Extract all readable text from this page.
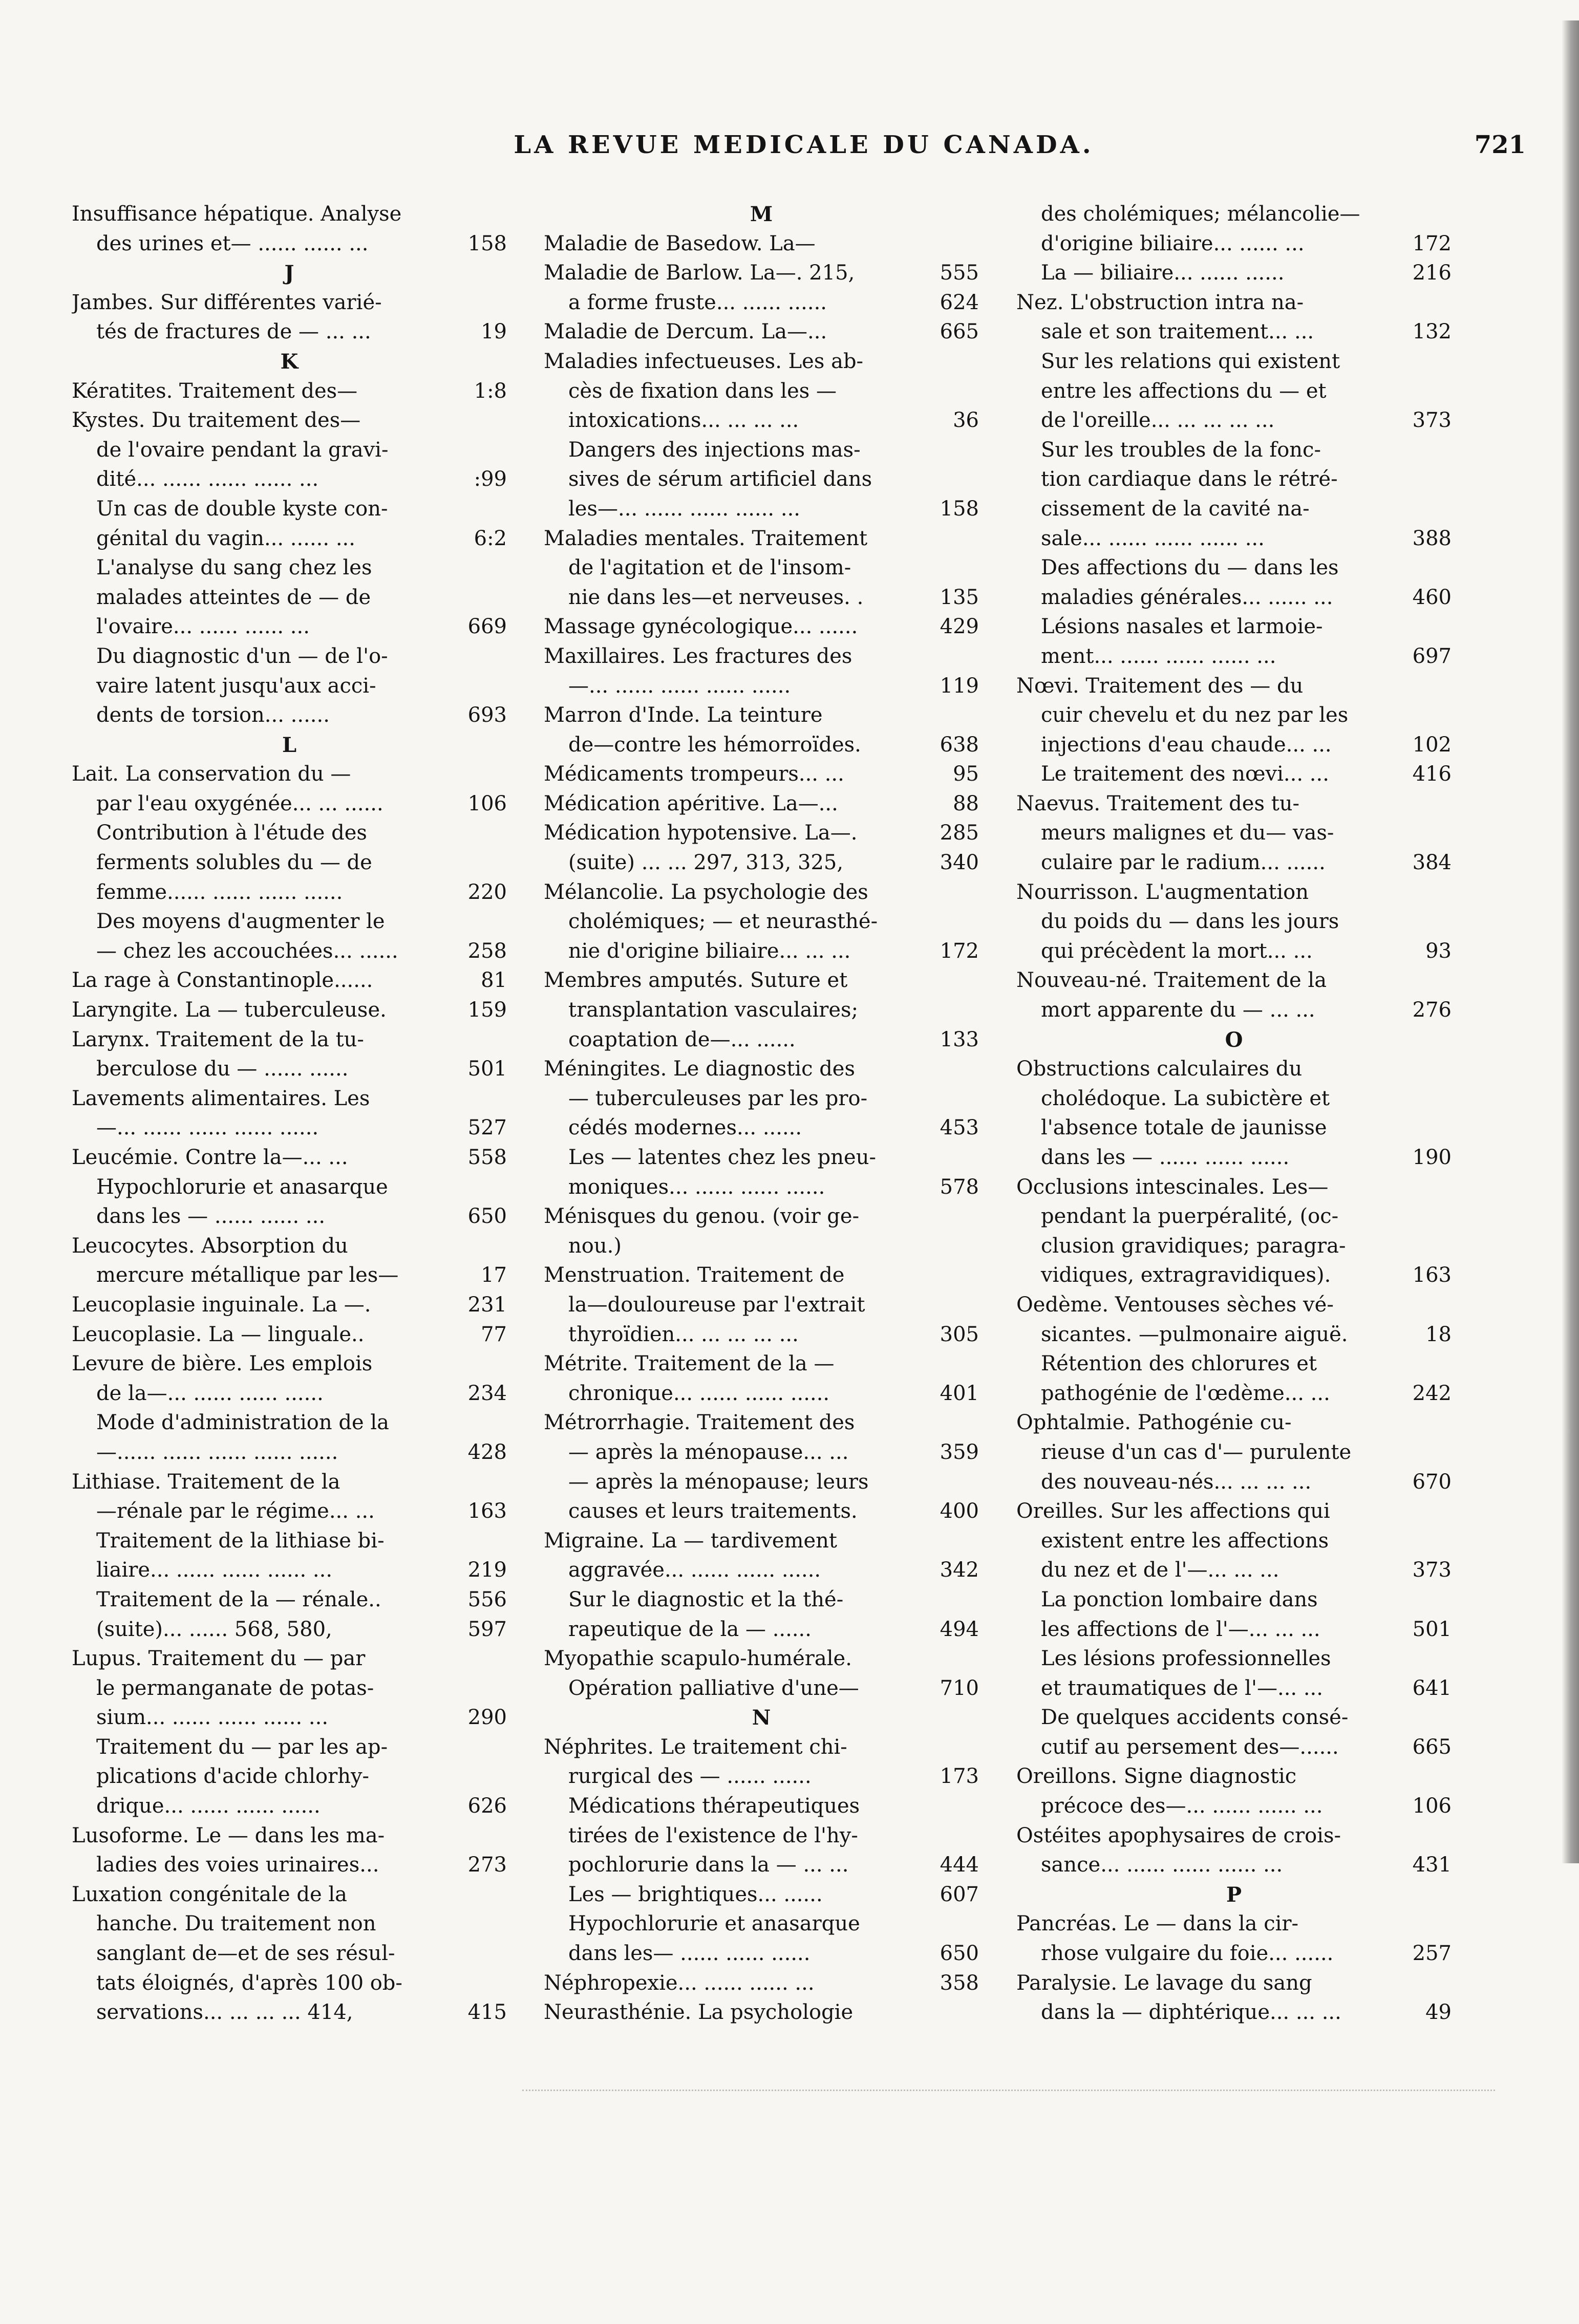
LA REVUE MEDICALE DU CANADA.	721
Insuffisance hépatique. Analyse
des urines et— ...... ...... ... 158
J
Jambes. Sur différentes varié-
tés de fractures de — ... ... 19
K
Kératites. Traitement des— 1:8
Kystes. Du traitement des—
de l'ovaire pendant la gravi-
dité... ...... ...... ...... ... :99
Un cas de double kyste con-
génital du vagin... ...... ... 6:2
L'analyse du sang chez les
malades atteintes de — de
l'ovaire... ...... ...... ... 669
Du diagnostic d'un — de l'o-
vaire latent jusqu'aux acci-
dents de torsion... ...... 693
L
Lait. La conservation du —
par l'eau oxygénée... ... ...... 106
Contribution à l'étude des
ferments solubles du — de
femme...... ...... ...... ...... 220
Des moyens d'augmenter le
— chez les accouchées... ...... 258
La rage à Constantinople...... 81
Laryngite. La — tuberculeuse. 159
Larynx. Traitement de la tu-
berculose du — ...... ...... 501
Lavements alimentaires. Les
—... ...... ...... ...... ...... 527
Leucémie. Contre la—... ... 558
Hypochlorurie et anasarque
dans les — ...... ...... ... 650
Leucocytes. Absorption du
mercure métallique par les— 17
Leucoplasie inguinale. La —. 231
Leucoplasie. La — linguale.. 77
Levure de bière. Les emplois
de la—... ...... ...... ...... 234
Mode d'administration de la
—...... ...... ...... ...... ...... 428
Lithiase. Traitement de la
—rénale par le régime... ... 163
Traitement de la lithiase bi-
liaire... ...... ...... ...... ... 219
Traitement de la — rénale.. 556
(suite)... ...... 568, 580, 597
Lupus. Traitement du — par
le permanganate de potas-
sium... ...... ...... ...... ... 290
Traitement du — par les ap-
plications d'acide chlorhy-
drique... ...... ...... ...... 626
Lusoforme. Le — dans les ma-
ladies des voies urinaires... 273
Luxation congénitale de la
hanche. Du traitement non
sanglant de—et de ses résul-
tats éloignés, d'après 100 ob-
servations... ... ... ... 414, 415
M
Maladie de Basedow. La—
Maladie de Barlow. La—. 215, 555
a forme fruste... ...... ...... 624
Maladie de Dercum. La—... 665
Maladies infectueuses. Les ab-
cès de fixation dans les —
intoxications... ... ... ... 36
Dangers des injections mas-
sives de sérum artificiel dans
les—... ...... ...... ...... ... 158
Maladies mentales. Traitement
de l'agitation et de l'insom-
nie dans les—et nerveuses. . 135
Massage gynécologique... ...... 429
Maxillaires. Les fractures des
—... ...... ...... ...... ...... 119
Marron d'Inde. La teinture
de—contre les hémorroïdes. 638
Médicaments trompeurs... ... 95
Médication apéritive. La—... 88
Médication hypotensive. La—. 285
(suite) ... ... 297, 313, 325, 340
Mélancolie. La psychologie des
cholémiques; — et neurasthé-
nie d'origine biliaire... ... ... 172
Membres amputés. Suture et
transplantation vasculaires;
coaptation de—... ...... 133
Méningites. Le diagnostic des
— tuberculeuses par les pro-
cédés modernes... ...... 453
Les — latentes chez les pneu-
moniques... ...... ...... ...... 578
Ménisques du genou. (voir ge-
nou.)
Menstruation. Traitement de
la—douloureuse par l'extrait
thyroïdien... ... ... ... ... 305
Métrite. Traitement de la —
chronique... ...... ...... ...... 401
Métrorrhagie. Traitement des
— après la ménopause... ... 359
— après la ménopause; leurs
causes et leurs traitements. 400
Migraine. La — tardivement
aggravée... ...... ...... ...... 342
Sur le diagnostic et la thé-
rapeutique de la — ...... 494
Myopathie scapulo-humérale.
Opération palliative d'une— 710
N
Néphrites. Le traitement chi-
rurgical des — ...... ...... 173
Médications thérapeutiques
tirées de l'existence de l'hy-
pochlorurie dans la — ... ... 444
Les — brightiques... ...... 607
Hypochlorurie et anasarque
dans les— ...... ...... ...... 650
Néphropexie... ...... ...... ... 358
Neurasthénie. La psychologie
des cholémiques; mélancolie—
d'origine biliaire... ...... ... 172
La — biliaire... ...... ...... 216
Nez. L'obstruction intra na-
sale et son traitement... ... 132
Sur les relations qui existent
entre les affections du — et
de l'oreille... ... ... ... ... 373
Sur les troubles de la fonc-
tion cardiaque dans le rétré-
cissement de la cavité na-
sale... ...... ...... ...... ... 388
Des affections du — dans les
maladies générales... ...... ... 460
Lésions nasales et larmoie-
ment... ...... ...... ...... ... 697
Nœvi. Traitement des — du
cuir chevelu et du nez par les
injections d'eau chaude... ... 102
Le traitement des nœvi... ... 416
Naevus. Traitement des tu-
meurs malignes et du— vas-
culaire par le radium... ...... 384
Nourrisson. L'augmentation
du poids du — dans les jours
qui précèdent la mort... ... 93
Nouveau-né. Traitement de la
mort apparente du — ... ... 276
O
Obstructions calculaires du
cholédoque. La subictère et
l'absence totale de jaunisse
dans les — ...... ...... ...... 190
Occlusions intescinales. Les—
pendant la puerpéralité, (oc-
clusion gravidiques; paragra-
vidiques, extragravidiques). 163
Oedème. Ventouses sèches vé-
sicantes. —pulmonaire aiguë. 18
Rétention des chlorures et
pathogénie de l'œdème... ... 242
Ophtalmie. Pathogénie cu-
rieuse d'un cas d'— purulente
des nouveau-nés... ... ... ... 670
Oreilles. Sur les affections qui
existent entre les affections
du nez et de l'—... ... ... 373
La ponction lombaire dans
les affections de l'—... ... ... 501
Les lésions professionnelles
et traumatiques de l'—... ... 641
De quelques accidents consé-
cutif au persement des—...... 665
Oreillons. Signe diagnostic
précoce des—... ...... ...... ... 106
Ostéites apophysaires de crois-
sance... ...... ...... ...... ... 431
P
Pancréas. Le — dans la cir-
rhose vulgaire du foie... ...... 257
Paralysie. Le lavage du sang
dans la — diphtérique... ... ... 49
